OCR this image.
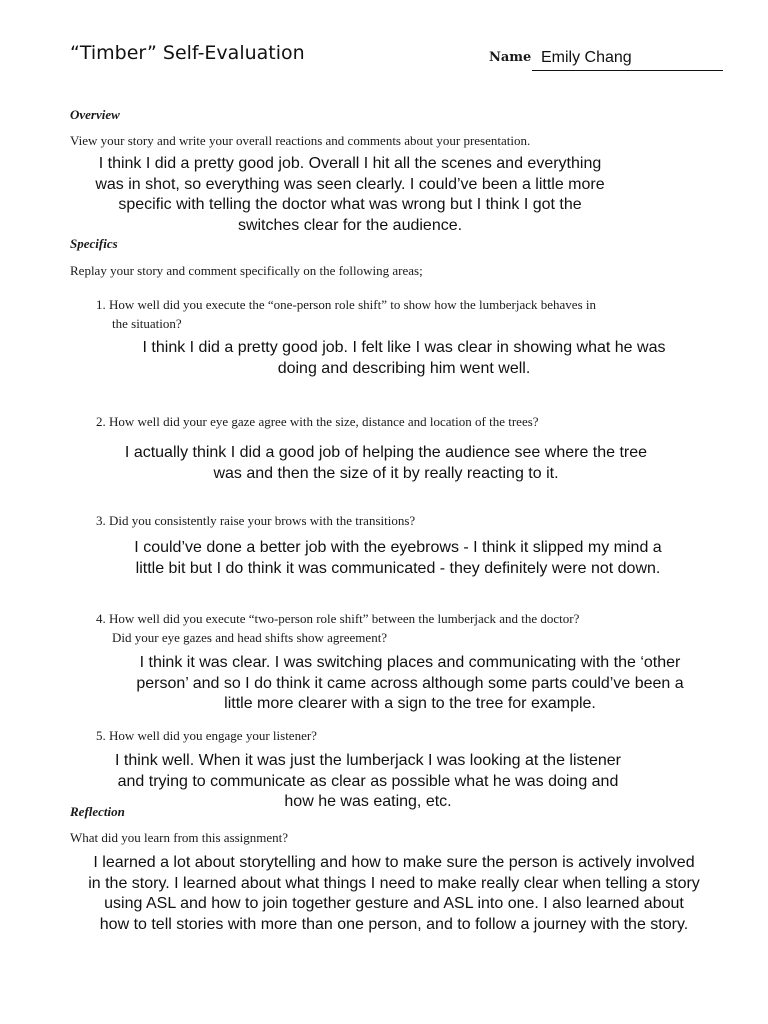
“Timber” Self-Evaluation	Name Emily Chang
Overview
View your story and write your overall reactions and comments about your presentation.
I think I did a pretty good job. Overall I hit all the scenes and everything
was in shot, so everything was seen clearly. I could’ve been a little more
specific with telling the doctor what was wrong but I think I got the
switches clear for the audience.
Specifics
Replay your story and comment specifically on the following areas;
1. How well did you execute the “one-person role shift” to show how the lumberjack behaves in
the situation?
I think I did a pretty good job. I felt like I was clear in showing what he was
doing and describing him went well.
2. How well did your eye gaze agree with the size, distance and location of the trees?
I actually think I did a good job of helping the audience see where the tree
was and then the size of it by really reacting to it.
3. Did you consistently raise your brows with the transitions?
I could’ve done a better job with the eyebrows - I think it slipped my mind a
little bit but I do think it was communicated - they definitely were not down.
4. How well did you execute “two-person role shift” between the lumberjack and the doctor?
Did your eye gazes and head shifts show agreement?
I think it was clear. I was switching places and communicating with the ‘other
person’ and so I do think it came across although some parts could’ve been a
little more clearer with a sign to the tree for example.
5. How well did you engage your listener?
I think well. When it was just the lumberjack I was looking at the listener
and trying to communicate as clear as possible what he was doing and
how he was eating, etc.
Reflection
What did you learn from this assignment?
I learned a lot about storytelling and how to make sure the person is actively involved
in the story. I learned about what things I need to make really clear when telling a story
using ASL and how to join together gesture and ASL into one. I also learned about
how to tell stories with more than one person, and to follow a journey with the story.
